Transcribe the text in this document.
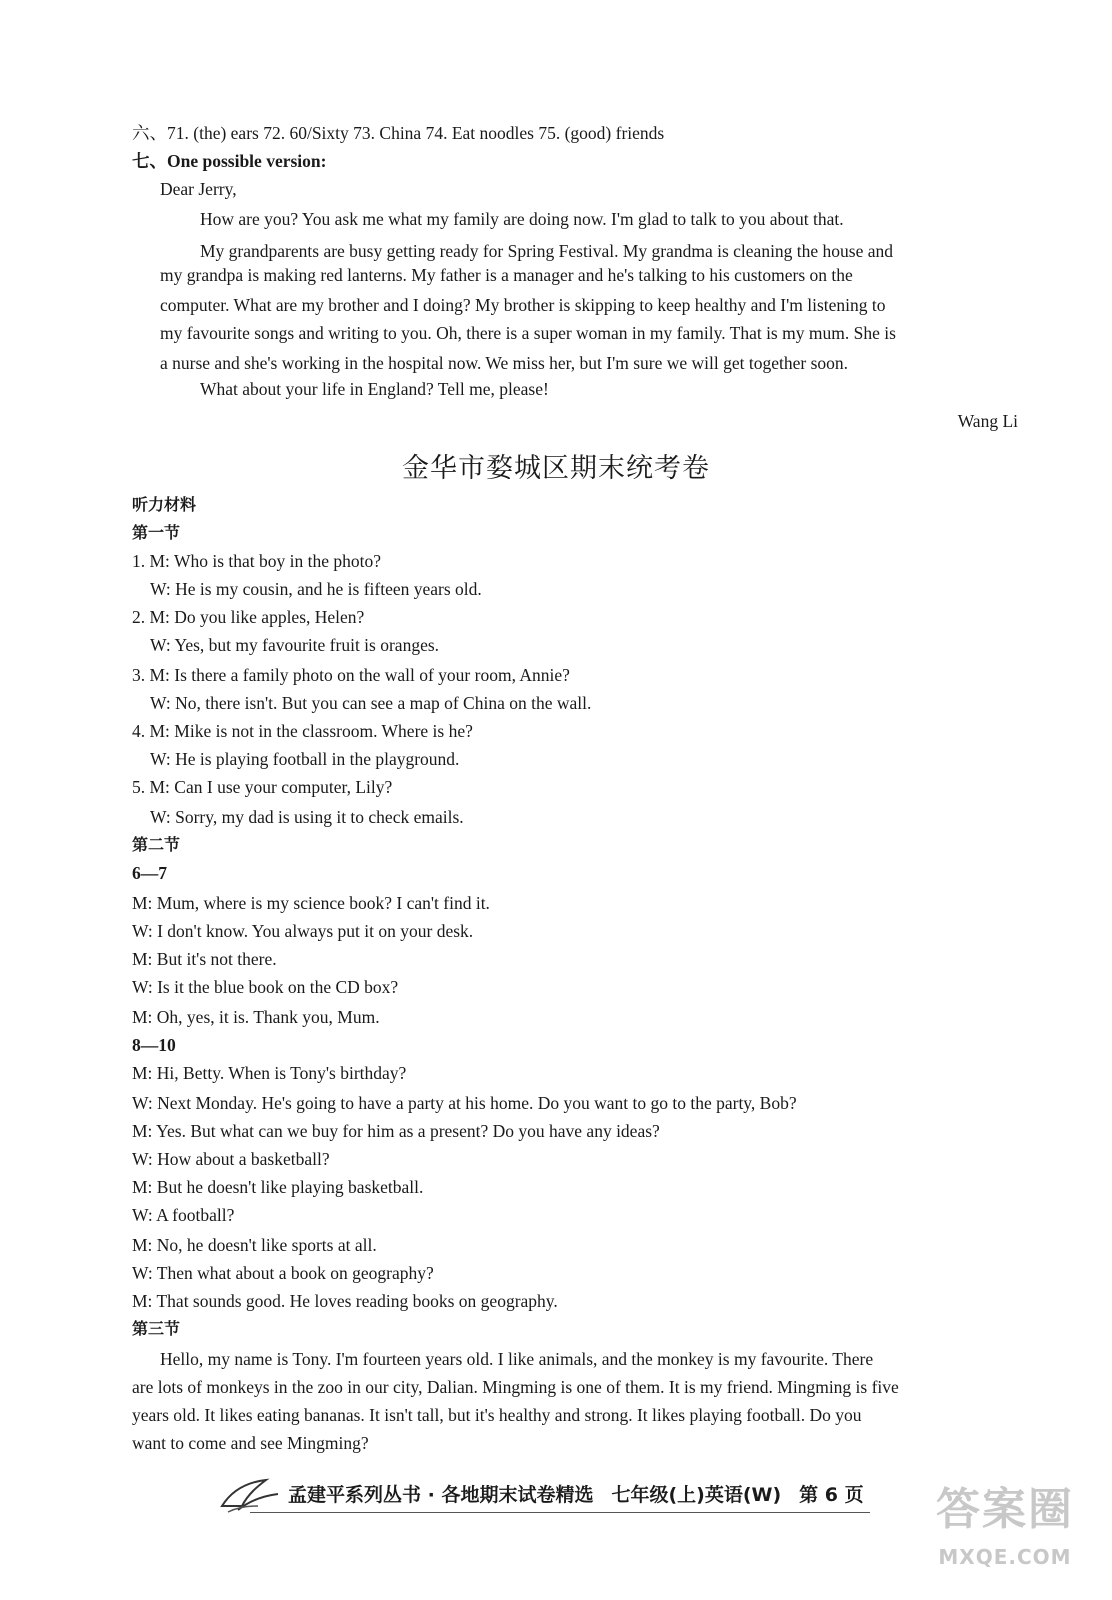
六、71. (the) ears 72. 60/Sixty 73. China 74. Eat noodles 75. (good) friends
七、One possible version:
Dear Jerry,
How are you? You ask me what my family are doing now. I'm glad to talk to you about that.
My grandparents are busy getting ready for Spring Festival. My grandma is cleaning the house and
my grandpa is making red lanterns. My father is a manager and he's talking to his customers on the
computer. What are my brother and I doing? My brother is skipping to keep healthy and I'm listening to
my favourite songs and writing to you. Oh, there is a super woman in my family. That is my mum. She is
a nurse and she's working in the hospital now. We miss her, but I'm sure we will get together soon.
What about your life in England? Tell me, please!
Wang Li
金华市婺城区期末统考卷
听力材料
第一节
1. M: Who is that boy in the photo?
W: He is my cousin, and he is fifteen years old.
2. M: Do you like apples, Helen?
W: Yes, but my favourite fruit is oranges.
3. M: Is there a family photo on the wall of your room, Annie?
W: No, there isn't. But you can see a map of China on the wall.
4. M: Mike is not in the classroom. Where is he?
W: He is playing football in the playground.
5. M: Can I use your computer, Lily?
W: Sorry, my dad is using it to check emails.
第二节
6—7
M: Mum, where is my science book? I can't find it.
W: I don't know. You always put it on your desk.
M: But it's not there.
W: Is it the blue book on the CD box?
M: Oh, yes, it is. Thank you, Mum.
8—10
M: Hi, Betty. When is Tony's birthday?
W: Next Monday. He's going to have a party at his home. Do you want to go to the party, Bob?
M: Yes. But what can we buy for him as a present? Do you have any ideas?
W: How about a basketball?
M: But he doesn't like playing basketball.
W: A football?
M: No, he doesn't like sports at all.
W: Then what about a book on geography?
M: That sounds good. He loves reading books on geography.
第三节
Hello, my name is Tony. I'm fourteen years old. I like animals, and the monkey is my favourite. There
are lots of monkeys in the zoo in our city, Dalian. Mingming is one of them. It is my friend. Mingming is five
years old. It likes eating bananas. It isn't tall, but it's healthy and strong. It likes playing football. Do you
want to come and see Mingming?
孟建平系列丛书 · 各地期末试卷精选 七年级(上)英语(W) 第 6 页	答案圈
MXQE.COM
